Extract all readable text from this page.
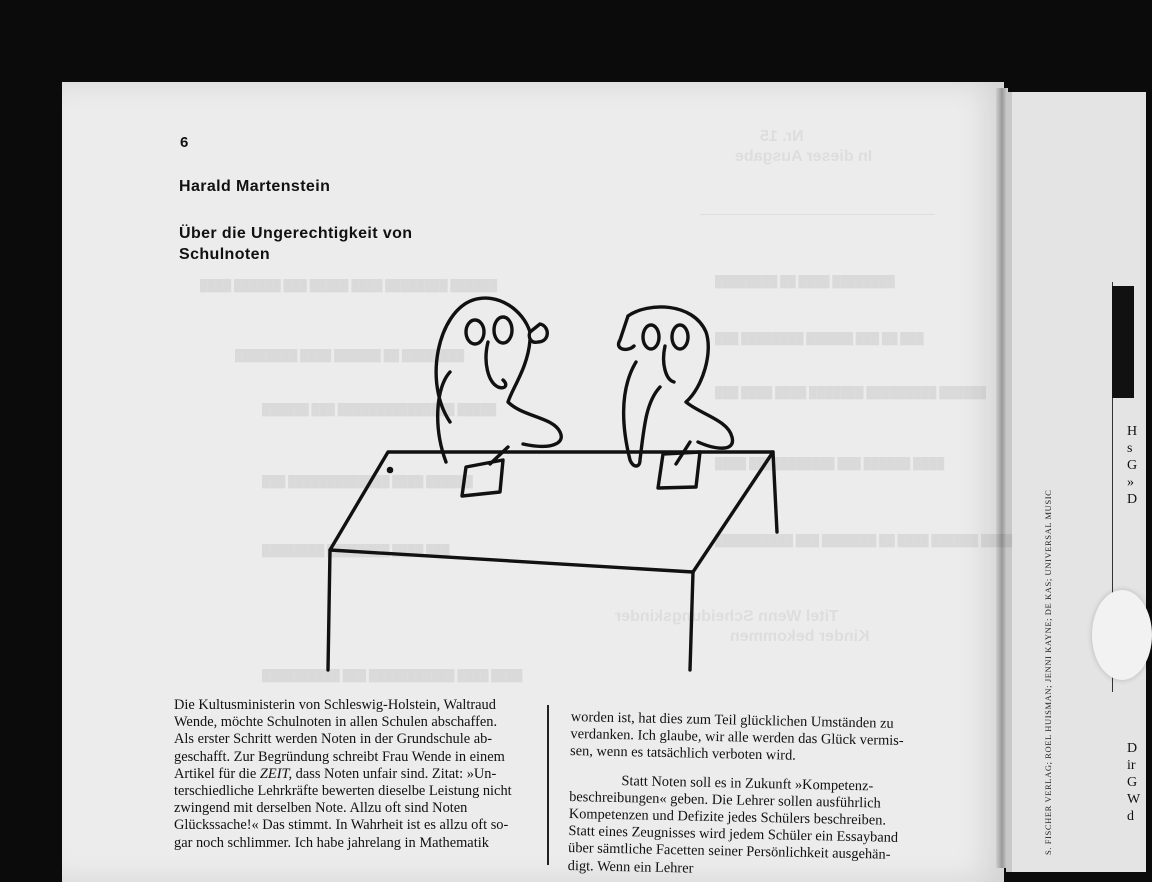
Nr. 15
In dieser Ausgabe
████████ ████ ██ ████████
███ ██ ███ ██████ ████████ ███
██████ █████████ ███████ ████ ████ ███
████ ██████ ███ ███████████ ████
████ ██████ ████ ██ ███████ ███ ██████████
Titel Wenn Scheidungskinder
Kinder bekommen
██████ ████████ ████ █████ ███ ██████ ████
████████ ██ ██████ ████ ████████
█████ ███████████████ ███ ██████
██████ ████ █████████████ ███
███ ████ ████████ ████████
████ ████ ███████████ ███ ██████████
6
Harald Martenstein
Über die Ungerechtigkeit von Schulnoten

Die Kultusministerin von Schleswig-Holstein, Waltraud

Wende, möchte Schulnoten in allen Schulen abschaffen.

Als erster Schritt werden Noten in der Grundschule ab-

geschafft. Zur Begründung schreibt Frau Wende in einem

Artikel für die ZEIT, dass Noten unfair sind. Zitat: »Un-

terschiedliche Lehrkräfte bewerten dieselbe Leistung nicht

zwingend mit derselben Note. Allzu oft sind Noten

Glückssache!« Das stimmt. In Wahrheit ist es allzu oft so-

gar noch schlimmer. Ich habe jahrelang in Mathematik

worden ist, hat dies zum Teil glücklichen Umständen zu

verdanken. Ich glaube, wir alle werden das Glück vermis-

sen, wenn es tatsächlich verboten wird.

Statt Noten soll es in Zukunft »Kompetenz-

beschreibungen« geben. Die Lehrer sollen ausführlich

Kompetenzen und Defizite jedes Schülers beschreiben.

Statt eines Zeugnisses wird jedem Schüler ein Essayband

über sämtliche Facetten seiner Persönlichkeit ausgehän-

digt. Wenn ein Lehrer

H
s
G
»
D
D
ir
G
W
d
S. FISCHER VERLAG; ROEL HUISMAN; JENNI KAYNE; DE KAS; UNIVERSAL MUSIC
